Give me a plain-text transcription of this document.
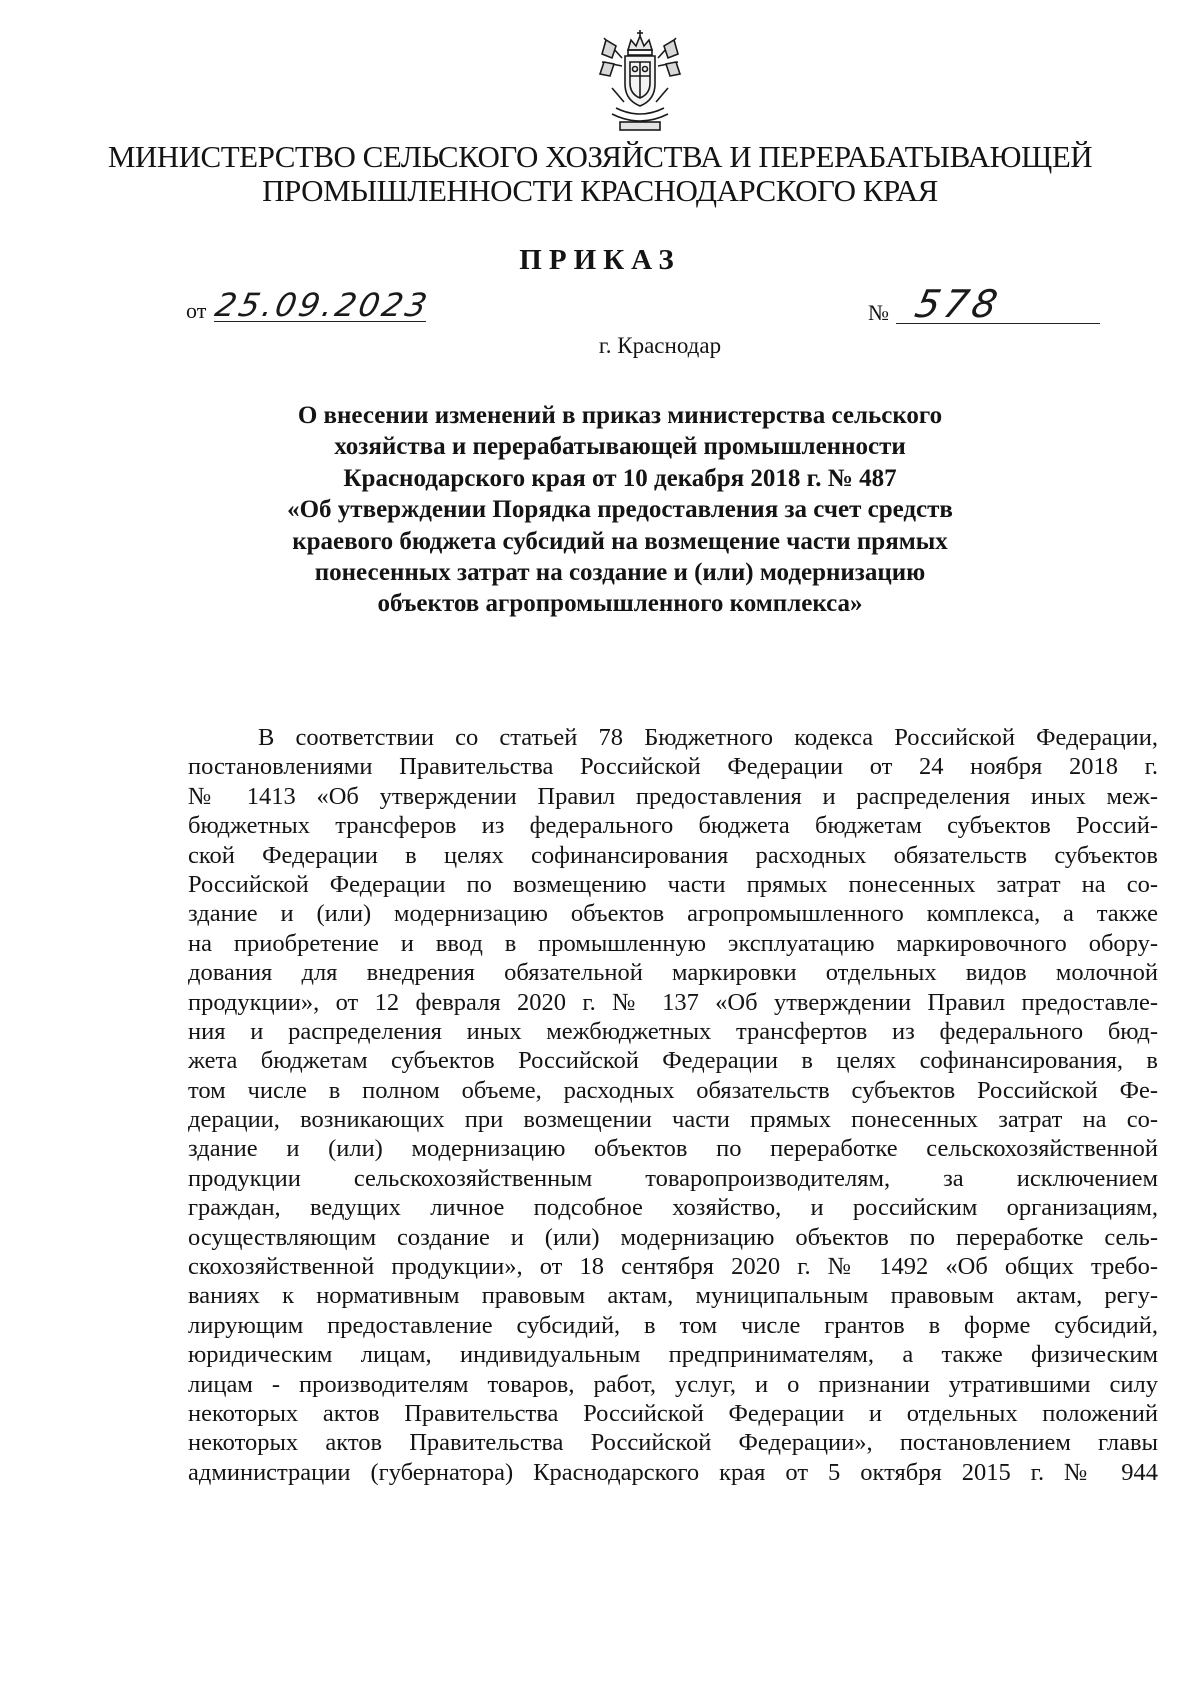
МИНИСТЕРСТВО СЕЛЬСКОГО ХОЗЯЙСТВА И ПЕРЕРАБАТЫВАЮЩЕЙ
ПРОМЫШЛЕННОСТИ КРАСНОДАРСКОГО КРАЯ
ПРИКАЗ
от 25.09.2023	№ 578
г. Краснодар
О внесении изменений в приказ министерства сельского
хозяйства и перерабатывающей промышленности
Краснодарского края от 10 декабря 2018 г. № 487
«Об утверждении Порядка предоставления за счет средств
краевого бюджета субсидий на возмещение части прямых
понесенных затрат на создание и (или) модернизацию
объектов агропромышленного комплекса»
В соответствии со статьей 78 Бюджетного кодекса Российской Федерации,
постановлениями Правительства Российской Федерации от 24 ноября 2018 г.
№ 1413 «Об утверждении Правил предоставления и распределения иных меж-
бюджетных трансферов из федерального бюджета бюджетам субъектов Россий-
ской Федерации в целях софинансирования расходных обязательств субъектов
Российской Федерации по возмещению части прямых понесенных затрат на со-
здание и (или) модернизацию объектов агропромышленного комплекса, а также
на приобретение и ввод в промышленную эксплуатацию маркировочного обору-
дования для внедрения обязательной маркировки отдельных видов молочной
продукции», от 12 февраля 2020 г. № 137 «Об утверждении Правил предоставле-
ния и распределения иных межбюджетных трансфертов из федерального бюд-
жета бюджетам субъектов Российской Федерации в целях софинансирования, в
том числе в полном объеме, расходных обязательств субъектов Российской Фе-
дерации, возникающих при возмещении части прямых понесенных затрат на со-
здание и (или) модернизацию объектов по переработке сельскохозяйственной
продукции сельскохозяйственным товаропроизводителям, за исключением
граждан, ведущих личное подсобное хозяйство, и российским организациям,
осуществляющим создание и (или) модернизацию объектов по переработке сель-
скохозяйственной продукции», от 18 сентября 2020 г. № 1492 «Об общих требо-
ваниях к нормативным правовым актам, муниципальным правовым актам, регу-
лирующим предоставление субсидий, в том числе грантов в форме субсидий,
юридическим лицам, индивидуальным предпринимателям, а также физическим
лицам - производителям товаров, работ, услуг, и о признании утратившими силу
некоторых актов Правительства Российской Федерации и отдельных положений
некоторых актов Правительства Российской Федерации», постановлением главы
администрации (губернатора) Краснодарского края от 5 октября 2015 г. № 944
